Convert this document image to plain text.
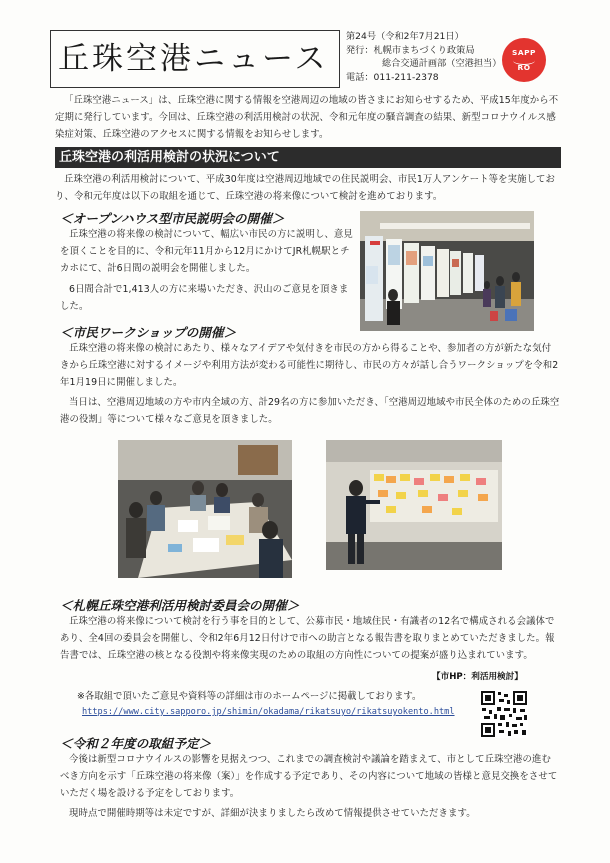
丘珠空港ニュース
第24号（令和2年7月21日）
発行：札幌市まちづくり政策局
総合交通計画部（空港担当）
電話：011-211-2378
SAPP
RO

「丘珠空港ニュース」は、丘珠空港に関する情報を空港周辺の地域の皆さまにお知らせするため、平成15年度から不定期に発行しています。今回は、丘珠空港の利活用検討の状況、令和元年度の騒音調査の結果、新型コロナウイルス感染症対策、丘珠空港のアクセスに関する情報をお知らせします。

丘珠空港の利活用検討の状況について

丘珠空港の利活用検討について、平成30年度は空港周辺地域での住民説明会、市民1万人アンケート等を実施しており、令和元年度は以下の取組を通じて、丘珠空港の将来像について検討を進めております。

＜オープンハウス型市民説明会の開催＞

丘珠空港の将来像の検討について、幅広い市民の方に説明し、意見を頂くことを目的に、令和元年11月から12月にかけてJR札幌駅とチカホにて、計6日間の説明会を開催しました。

6日間合計で1,413人の方に来場いただき、沢山のご意見を頂きました。

＜市民ワークショップの開催＞

丘珠空港の将来像の検討にあたり、様々なアイデアや気付きを市民の方から得ることや、参加者の方が新たな気付きから丘珠空港に対するイメージや利用方法が変わる可能性に期待し、市民の方々が話し合うワークショップを令和2年1月19日に開催しました。

当日は、空港周辺地域の方や市内全域の方、計29名の方に参加いただき、「空港周辺地域や市民全体のための丘珠空港の役割」等について様々なご意見を頂きました。

＜札幌丘珠空港利活用検討委員会の開催＞

丘珠空港の将来像について検討を行う事を目的として、公募市民・地域住民・有識者の12名で構成される会議体であり、全4回の委員会を開催し、令和2年6月12日付けで市への助言となる報告書を取りまとめていただきました。報告書では、丘珠空港の核となる役割や将来像実現のための取組の方向性についての提案が盛り込まれています。

【市HP：利活用検討】
※各取組で頂いたご意見や資料等の詳細は市のホームページに掲載しております。
https://www.city.sapporo.jp/shimin/okadama/rikatsuyo/rikatsuyokento.html

＜令和２年度の取組予定＞

今後は新型コロナウイルスの影響を見据えつつ、これまでの調査検討や議論を踏まえて、市として丘珠空港の進むべき方向を示す「丘珠空港の将来像（案）」を作成する予定であり、その内容について地域の皆様と意見交換をさせていただく場を設ける予定をしております。

現時点で開催時期等は未定ですが、詳細が決まりましたら改めて情報提供させていただきます。
